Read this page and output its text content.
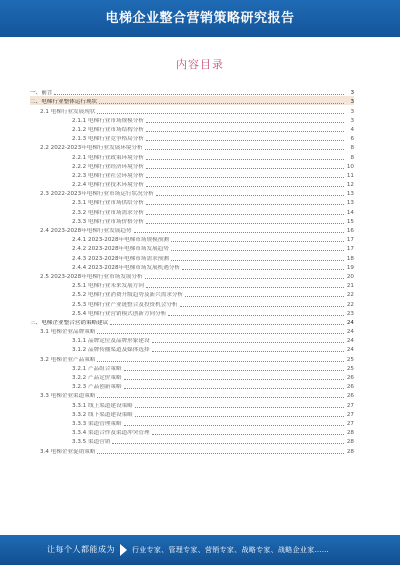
电梯企业整合营销策略研究报告
内容目录
一、前言	3
二、电梯行业整体运行现状	3
2.1 电梯行业发展现状	3
2.1.1 电梯行业市场规模分析	3
2.1.2 电梯行业市场结构分析	4
2.1.3 电梯行业竞争格局分析	6
2.2 2022-2023年电梯行业发展环境分析	8
2.2.1 电梯行业政策环境分析	8
2.2.2 电梯行业经济环境分析	10
2.2.3 电梯行业社会环境分析	11
2.2.4 电梯行业技术环境分析	12
2.3 2022-2023年电梯行业市场运行状况分析	13
2.3.1 电梯行业市场供给分析	13
2.3.2 电梯行业市场需求分析	14
2.3.3 电梯行业市场价格分析	15
2.4 2023-2028年电梯行业发展趋势	16
2.4.1 2023-2028年电梯市场规模预测	17
2.4.2 2023-2028年电梯市场发展趋势	17
2.4.3 2023-2028年电梯市场需求预测	18
2.4.4 2023-2028年电梯市场发展机遇分析	19
2.5 2023-2028年电梯行业市场发展分析	20
2.5.1 电梯行业未来发展方向	21
2.5.2 电梯行业消费升级趋势及新兴需求分析	22
2.5.3 电梯行业产业链整合及投资机会分析	22
2.5.4 电梯行业营销模式创新方向分析	23
三、电梯企业整合营销策略建议	24
3.1 电梯企业品牌策略	24
3.1.1 品牌定位及品牌形象建设	24
3.1.2 品牌传播渠道及媒体选择	24
3.2 电梯企业产品策略	25
3.2.1 产品组合策略	25
3.2.2 产品定价策略	26
3.2.3 产品创新策略	26
3.3 电梯企业渠道策略	26
3.3.1 线上渠道建设策略	27
3.3.2 线下渠道建设策略	27
3.3.3 渠道管理策略	27
3.3.4 渠道合作及渠道冲突管理	28
3.3.5 渠道营销	28
3.4 电梯企业促销策略	28
让每个人都能成为 行业专家、管理专家、营销专家、战略专家、战略企业家……
